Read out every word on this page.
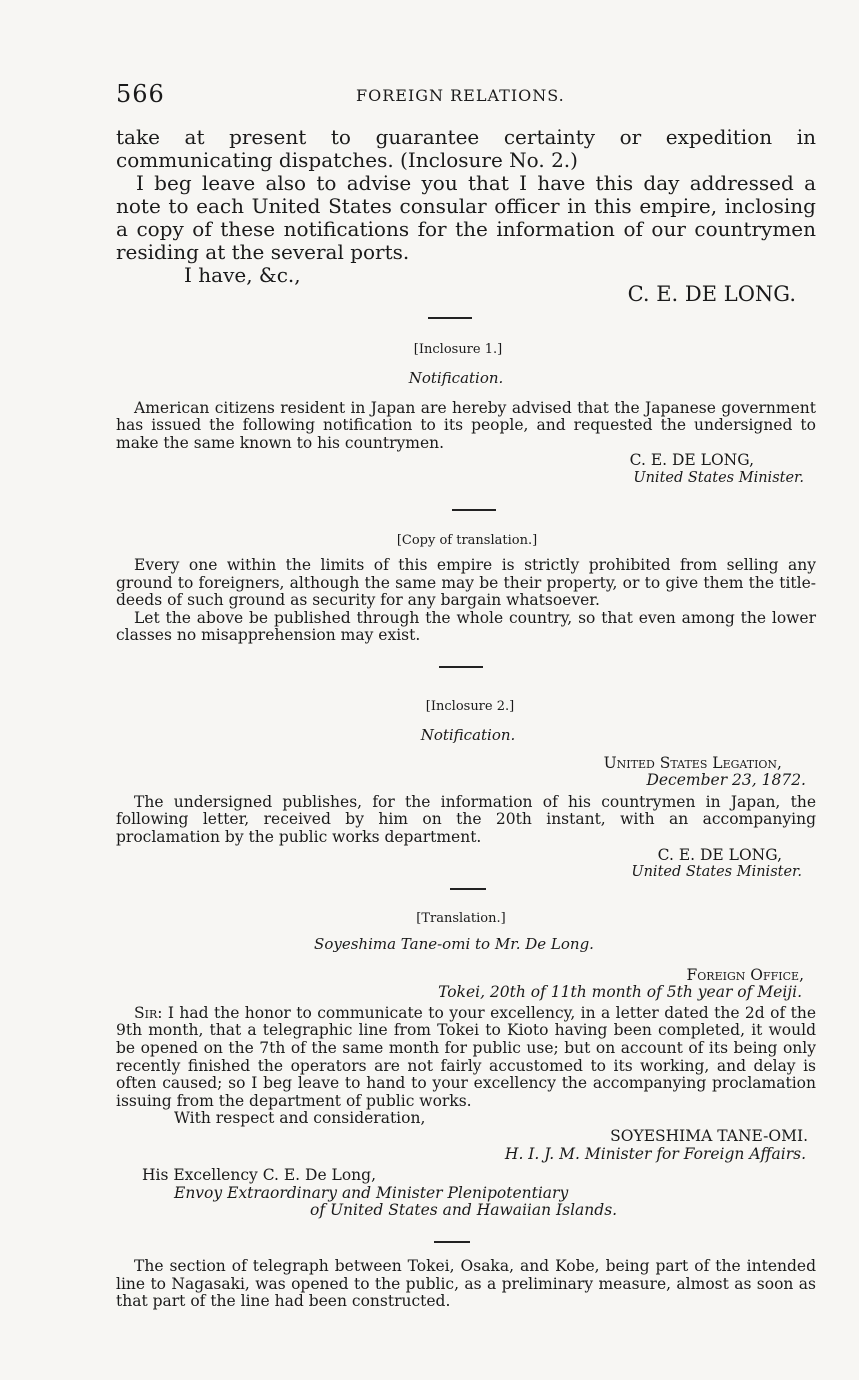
566	FOREIGN RELATIONS.

take at present to guarantee certainty or expedition in communicating dispatches. (Inclosure No. 2.)

I beg leave also to advise you that I have this day addressed a note to each United States consular officer in this empire, inclosing a copy of these notifications for the information of our countrymen residing at the several ports.

I have, &c.,

C. E. DE LONG.

[Inclosure 1.]
Notification.

American citizens resident in Japan are hereby advised that the Japanese government has issued the following notification to its people, and requested the undersigned to make the same known to his countrymen.

C. E. DE LONG,
United States Minister.
[Copy of translation.]

Every one within the limits of this empire is strictly prohibited from selling any ground to foreigners, although the same may be their property, or to give them the title-deeds of such ground as security for any bargain whatsoever.

Let the above be published through the whole country, so that even among the lower classes no misapprehension may exist.

[Inclosure 2.]
Notification.
United States Legation,
December 23, 1872.

The undersigned publishes, for the information of his countrymen in Japan, the following letter, received by him on the 20th instant, with an accompanying proclamation by the public works department.

C. E. DE LONG,
United States Minister.
[Translation.]
Soyeshima Tane-omi to Mr. De Long.
Foreign Office,
Tokei, 20th of 11th month of 5th year of Meiji.

Sir: I had the honor to communicate to your excellency, in a letter dated the 2d of the 9th month, that a telegraphic line from Tokei to Kioto having been completed, it would be opened on the 7th of the same month for public use; but on account of its being only recently finished the operators are not fairly accustomed to its working, and delay is often caused; so I beg leave to hand to your excellency the accompanying proclamation issuing from the department of public works.

With respect and consideration,
SOYESHIMA TANE-OMI.
H. I. J. M. Minister for Foreign Affairs.
His Excellency C. E. De Long,
Envoy Extraordinary and Minister Plenipotentiary
of United States and Hawaiian Islands.

The section of telegraph between Tokei, Osaka, and Kobe, being part of the intended line to Nagasaki, was opened to the public, as a preliminary measure, almost as soon as that part of the line had been constructed.
